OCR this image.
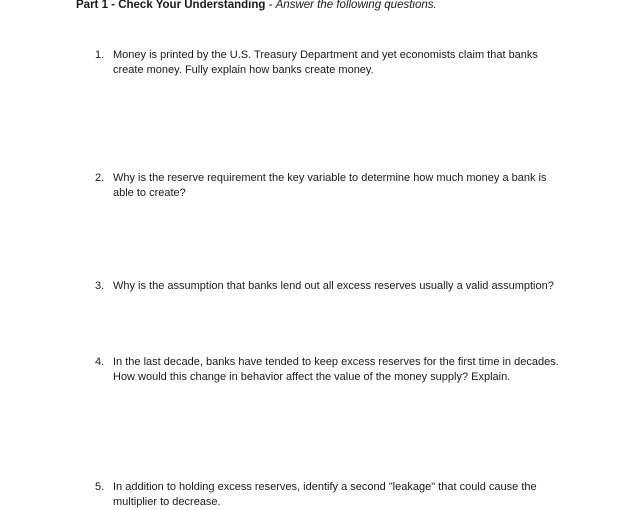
Part 1 - Check Your Understanding - Answer the following questions.
1. Money is printed by the U.S. Treasury Department and yet economists claim that banks create money. Fully explain how banks create money.
2. Why is the reserve requirement the key variable to determine how much money a bank is able to create?
3. Why is the assumption that banks lend out all excess reserves usually a valid assumption?
4. In the last decade, banks have tended to keep excess reserves for the first time in decades.  How would this change in behavior affect the value of the money supply? Explain.
5. In addition to holding excess reserves, identify a second "leakage" that could cause the multiplier to decrease.
